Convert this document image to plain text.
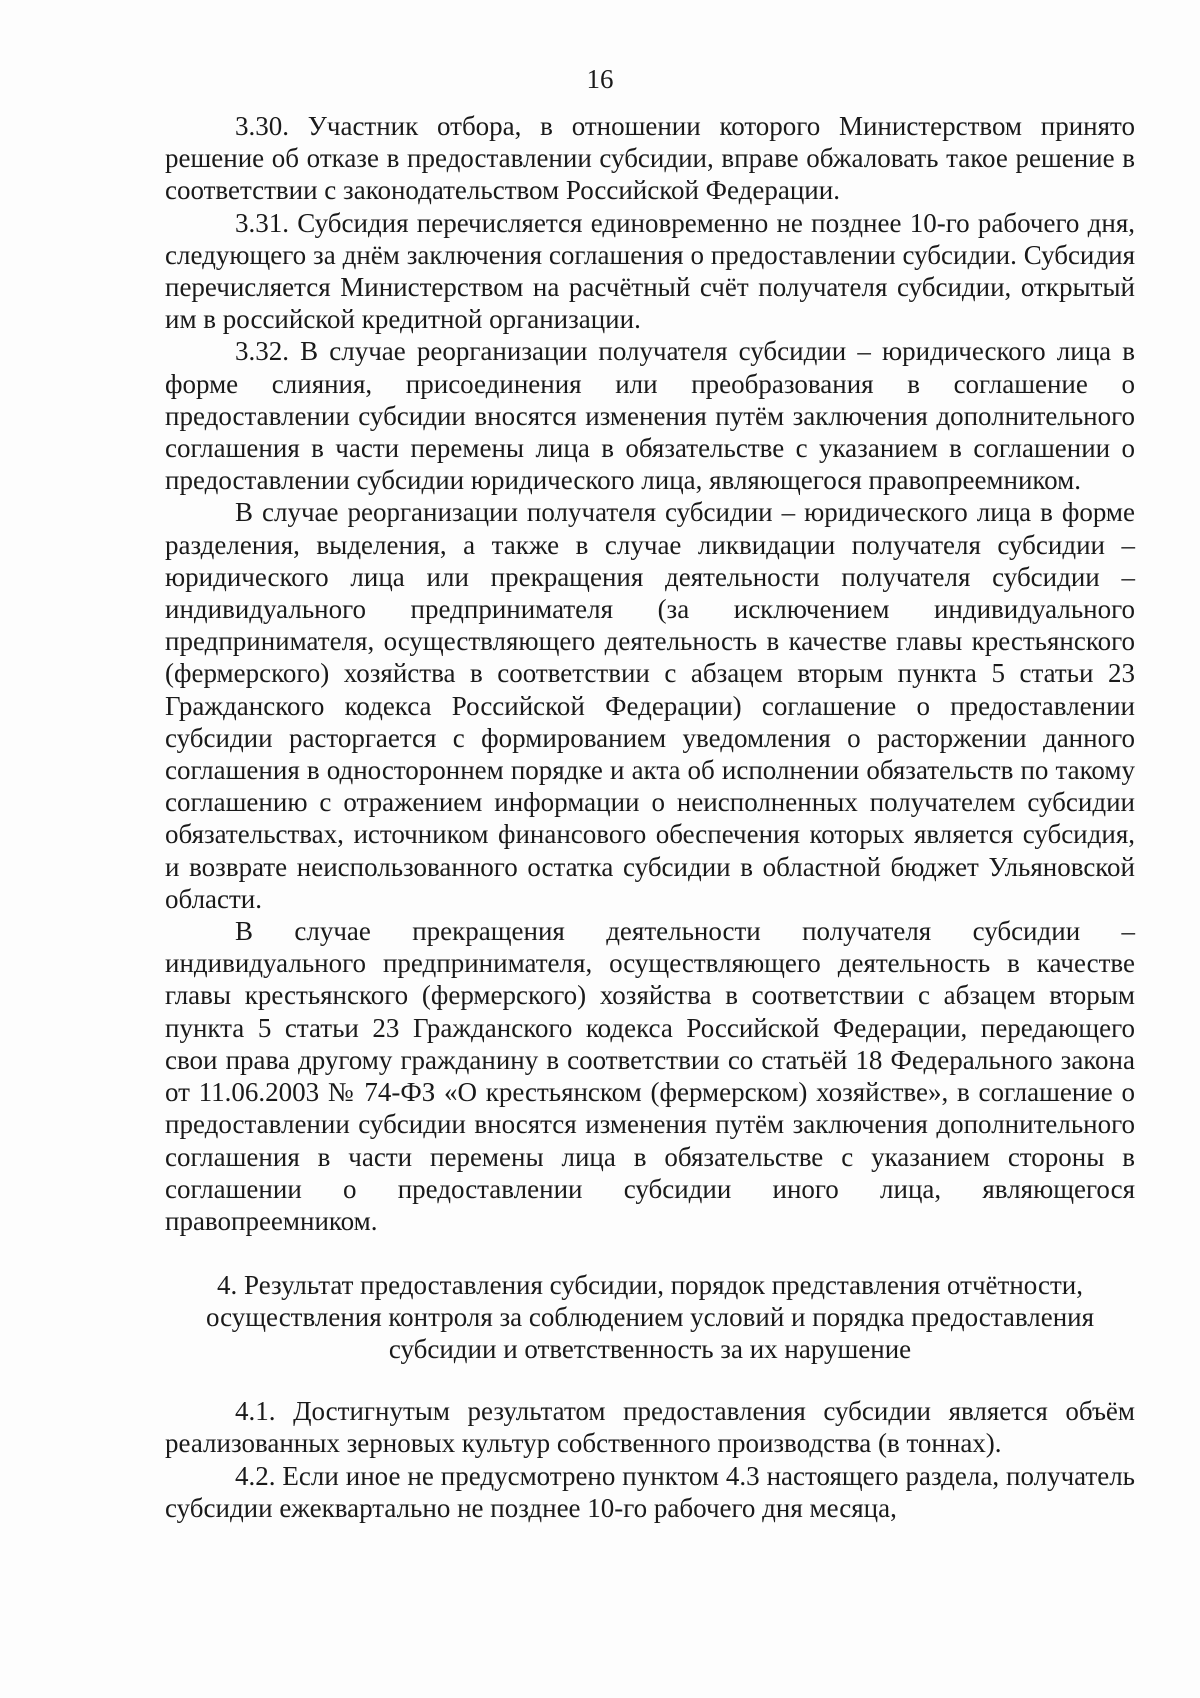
16

3.30. Участник отбора, в отношении которого Министерством принято решение об отказе в предоставлении субсидии, вправе обжаловать такое решение в соответствии с законодательством Российской Федерации.

3.31. Субсидия перечисляется единовременно не позднее 10-го рабочего дня, следующего за днём заключения соглашения о предоставлении субсидии. Субсидия перечисляется Министерством на расчётный счёт получателя субсидии, открытый им в российской кредитной организации.

3.32. В случае реорганизации получателя субсидии – юридического лица в форме слияния, присоединения или преобразования в соглашение о предоставлении субсидии вносятся изменения путём заключения дополнительного соглашения в части перемены лица в обязательстве с указанием в соглашении о предоставлении субсидии юридического лица, являющегося правопреемником.

В случае реорганизации получателя субсидии – юридического лица в форме разделения, выделения, а также в случае ликвидации получателя субсидии – юридического лица или прекращения деятельности получателя субсидии – индивидуального предпринимателя (за исключением индивидуального предпринимателя, осуществляющего деятельность в качестве главы крестьянского (фермерского) хозяйства в соответствии с абзацем вторым пункта 5 статьи 23 Гражданского кодекса Российской Федерации) соглашение о предоставлении субсидии расторгается с формированием уведомления о расторжении данного соглашения в одностороннем порядке и акта об исполнении обязательств по такому соглашению с отражением информации о неисполненных получателем субсидии обязательствах, источником финансового обеспечения которых является субсидия, и возврате неиспользованного остатка субсидии в областной бюджет Ульяновской области.

В случае прекращения деятельности получателя субсидии – индивидуального предпринимателя, осуществляющего деятельность в качестве главы крестьянского (фермерского) хозяйства в соответствии с абзацем вторым пункта 5 статьи 23 Гражданского кодекса Российской Федерации, передающего свои права другому гражданину в соответствии со статьёй 18 Федерального закона от 11.06.2003 № 74-ФЗ «О крестьянском (фермерском) хозяйстве», в соглашение о предоставлении субсидии вносятся изменения путём заключения дополнительного соглашения в части перемены лица в обязательстве с указанием стороны в соглашении о предоставлении субсидии иного лица, являющегося правопреемником.

4. Результат предоставления субсидии, порядок представления отчётности,
осуществления контроля за соблюдением условий и порядка предоставления
субсидии и ответственность за их нарушение

4.1. Достигнутым результатом предоставления субсидии является объём реализованных зерновых культур собственного производства (в тоннах).

4.2. Если иное не предусмотрено пунктом 4.3 настоящего раздела, получатель субсидии ежеквартально не позднее 10-го рабочего дня месяца,
